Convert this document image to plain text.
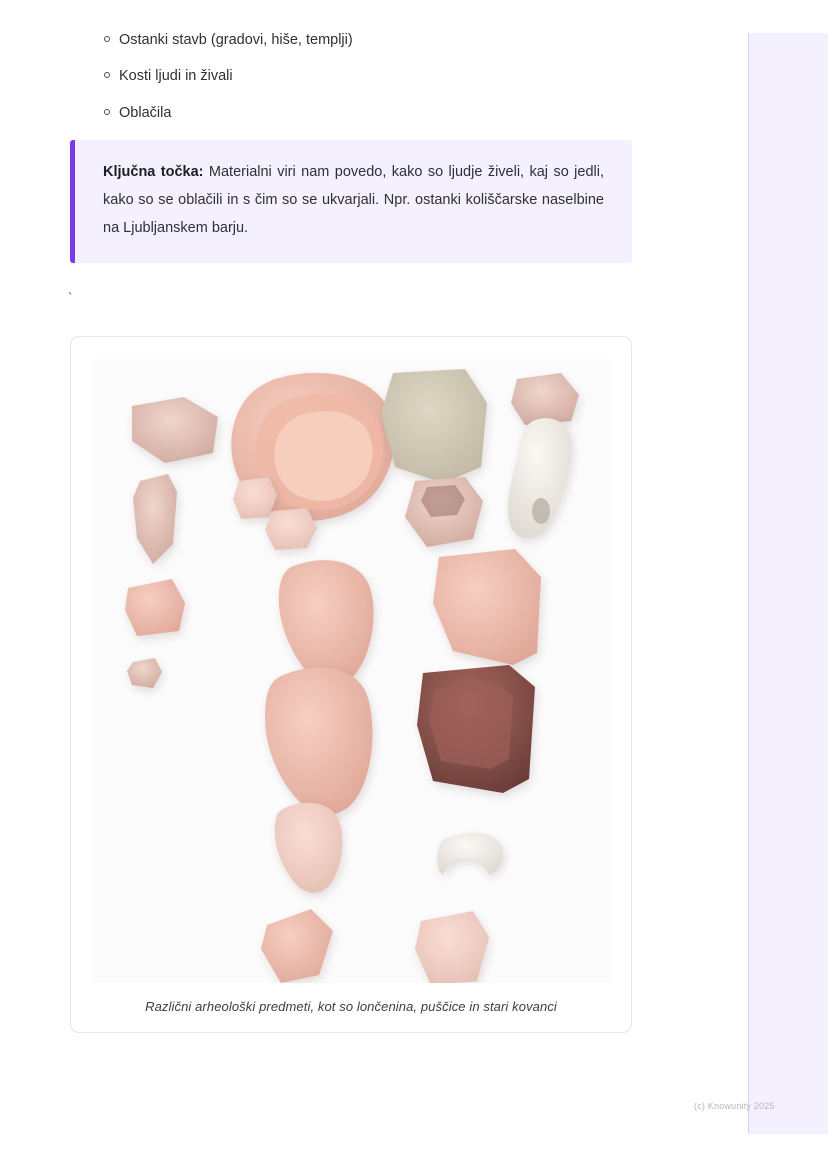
Ostanki stavb (gradovi, hiše, templji)
Kosti ljudi in živali
Oblačila

Ključna točka: Materialni viri nam povedo, kako so ljudje živeli, kaj so jedli, kako so se oblačili in s čim so se ukvarjali. Npr. ostanki koliščarske naselbine na Ljubljanskem barju.

`
Različni arheološki predmeti, kot so lončenina, puščice in stari kovanci
(c) Knowunity 2025
